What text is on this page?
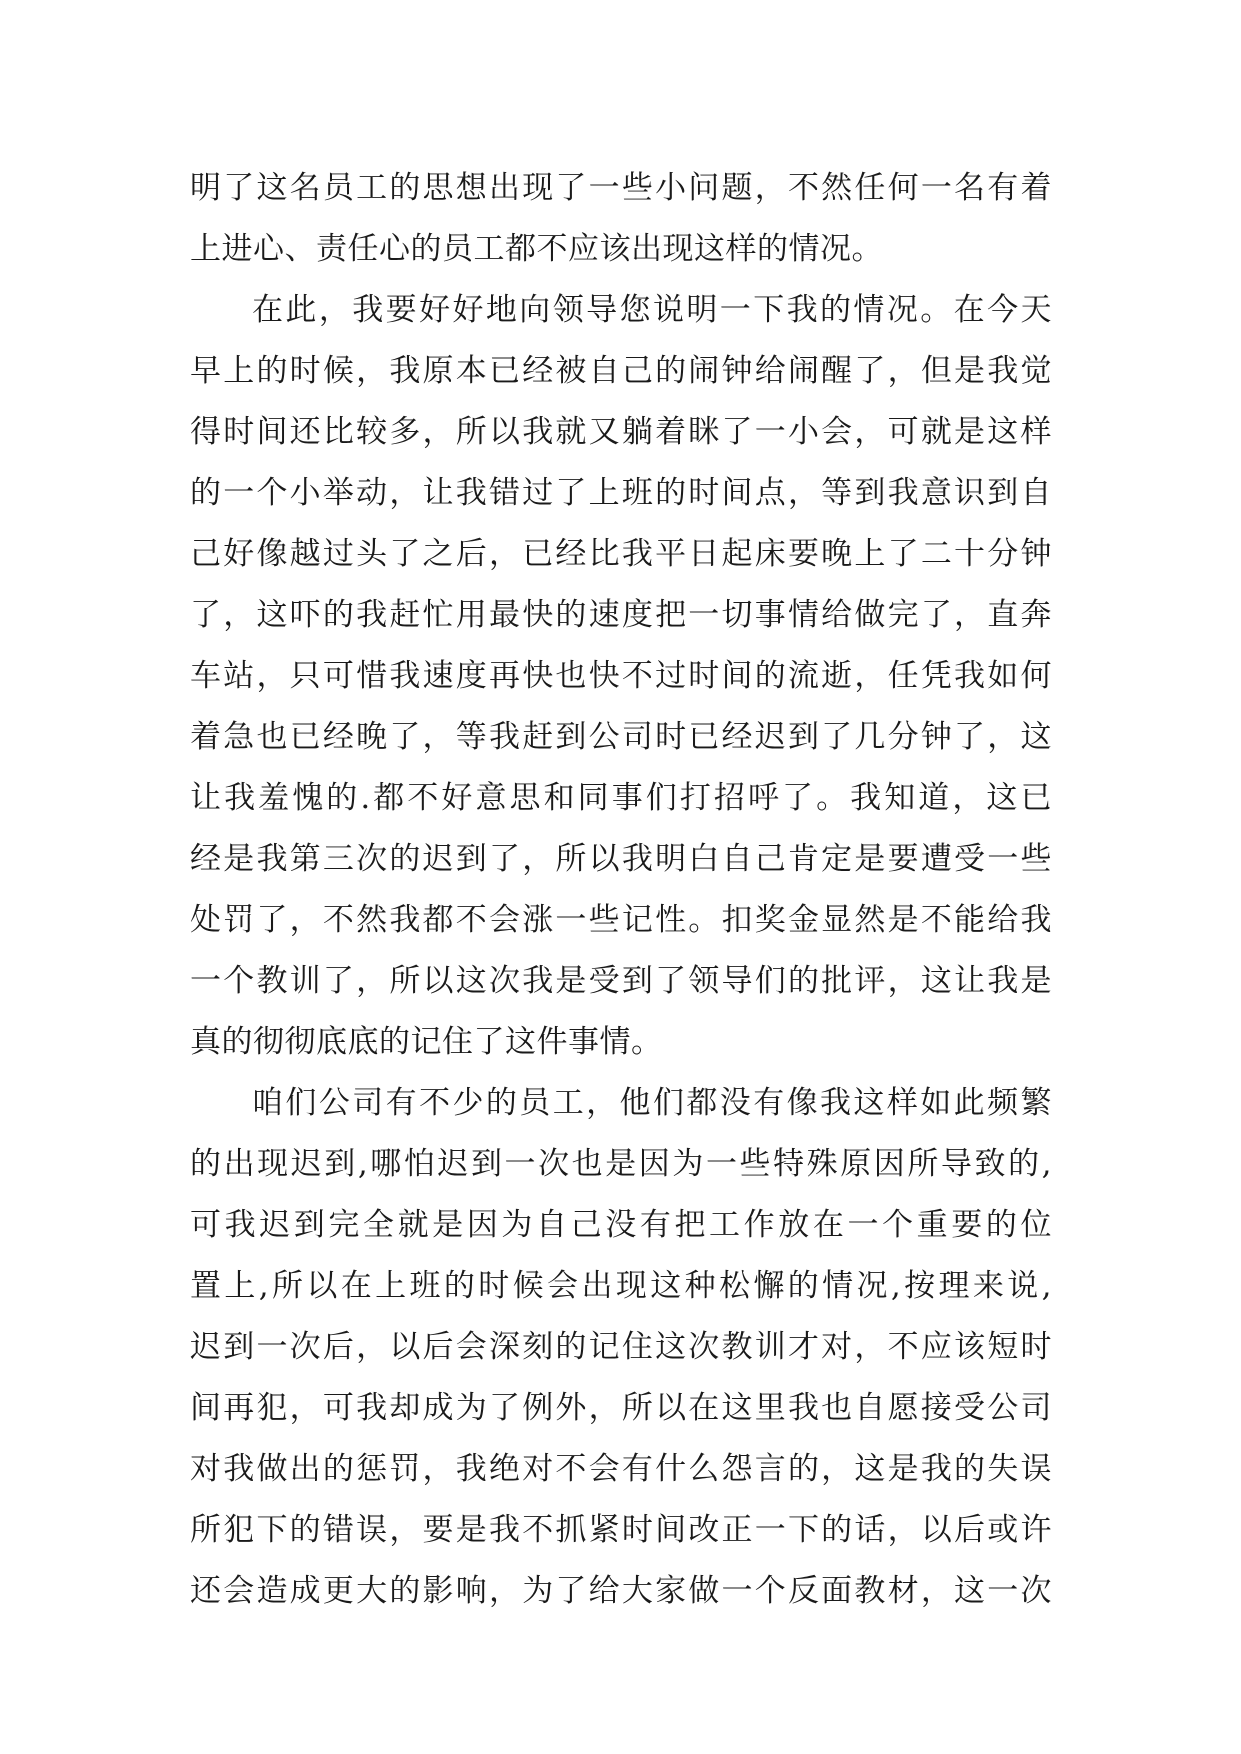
明了这名员工的思想出现了一些小问题，不然任何一名有着
上进心、责任心的员工都不应该出现这样的情况。
在此，我要好好地向领导您说明一下我的情况。在今天
早上的时候，我原本已经被自己的闹钟给闹醒了，但是我觉
得时间还比较多，所以我就又躺着眯了一小会，可就是这样
的一个小举动，让我错过了上班的时间点，等到我意识到自
己好像越过头了之后，已经比我平日起床要晚上了二十分钟
了，这吓的我赶忙用最快的速度把一切事情给做完了，直奔
车站，只可惜我速度再快也快不过时间的流逝，任凭我如何
着急也已经晚了，等我赶到公司时已经迟到了几分钟了，这
让我羞愧的.都不好意思和同事们打招呼了。我知道，这已
经是我第三次的迟到了，所以我明白自己肯定是要遭受一些
处罚了，不然我都不会涨一些记性。扣奖金显然是不能给我
一个教训了，所以这次我是受到了领导们的批评，这让我是
真的彻彻底底的记住了这件事情。
咱们公司有不少的员工，他们都没有像我这样如此频繁
的出现迟到,哪怕迟到一次也是因为一些特殊原因所导致的,
可我迟到完全就是因为自己没有把工作放在一个重要的位
置上,所以在上班的时候会出现这种松懈的情况,按理来说,
迟到一次后，以后会深刻的记住这次教训才对，不应该短时
间再犯，可我却成为了例外，所以在这里我也自愿接受公司
对我做出的惩罚，我绝对不会有什么怨言的，这是我的失误
所犯下的错误，要是我不抓紧时间改正一下的话，以后或许
还会造成更大的影响，为了给大家做一个反面教材，这一次
